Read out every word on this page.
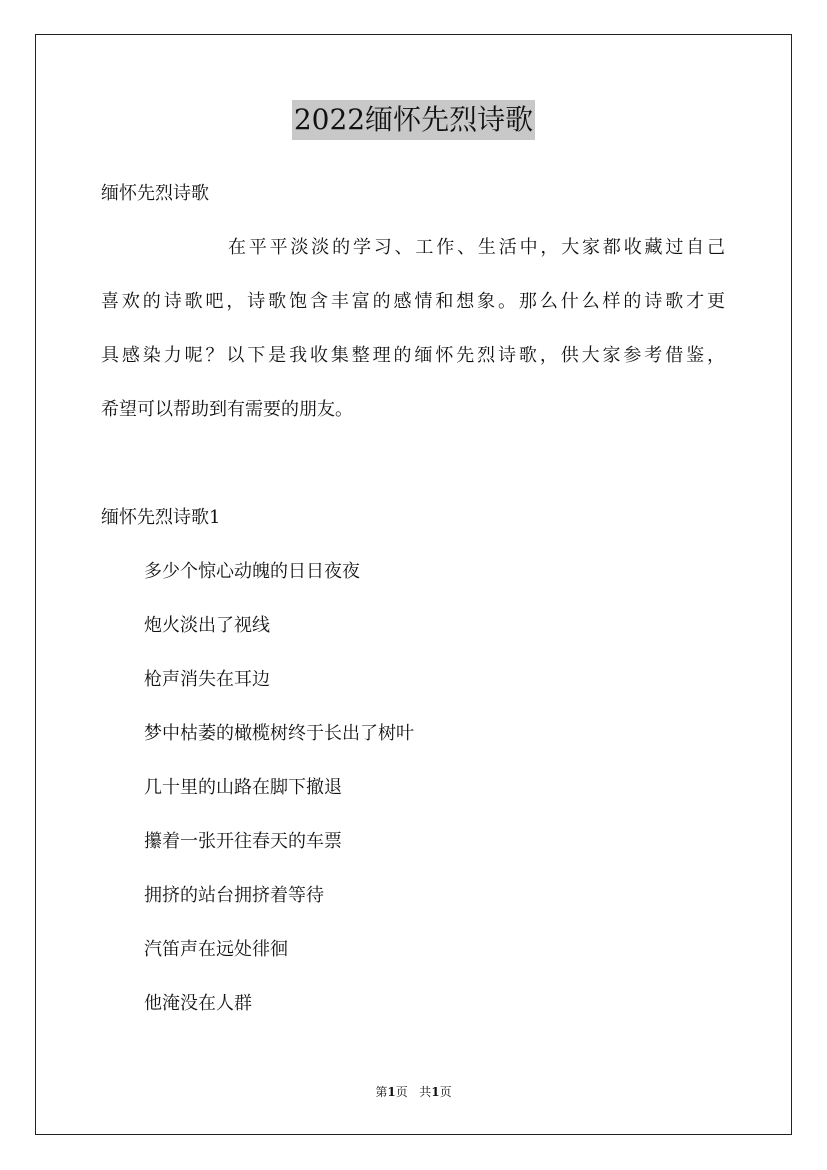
2022缅怀先烈诗歌
缅怀先烈诗歌
在平平淡淡的学习、工作、生活中，大家都收藏过自己
喜欢的诗歌吧，诗歌饱含丰富的感情和想象。那么什么样的诗歌才更
具感染力呢？以下是我收集整理的缅怀先烈诗歌，供大家参考借鉴，
希望可以帮助到有需要的朋友。
缅怀先烈诗歌1
多少个惊心动魄的日日夜夜
炮火淡出了视线
枪声消失在耳边
梦中枯萎的橄榄树终于长出了树叶
几十里的山路在脚下撤退
攥着一张开往春天的车票
拥挤的站台拥挤着等待
汽笛声在远处徘徊
他淹没在人群
第1页 共1页
